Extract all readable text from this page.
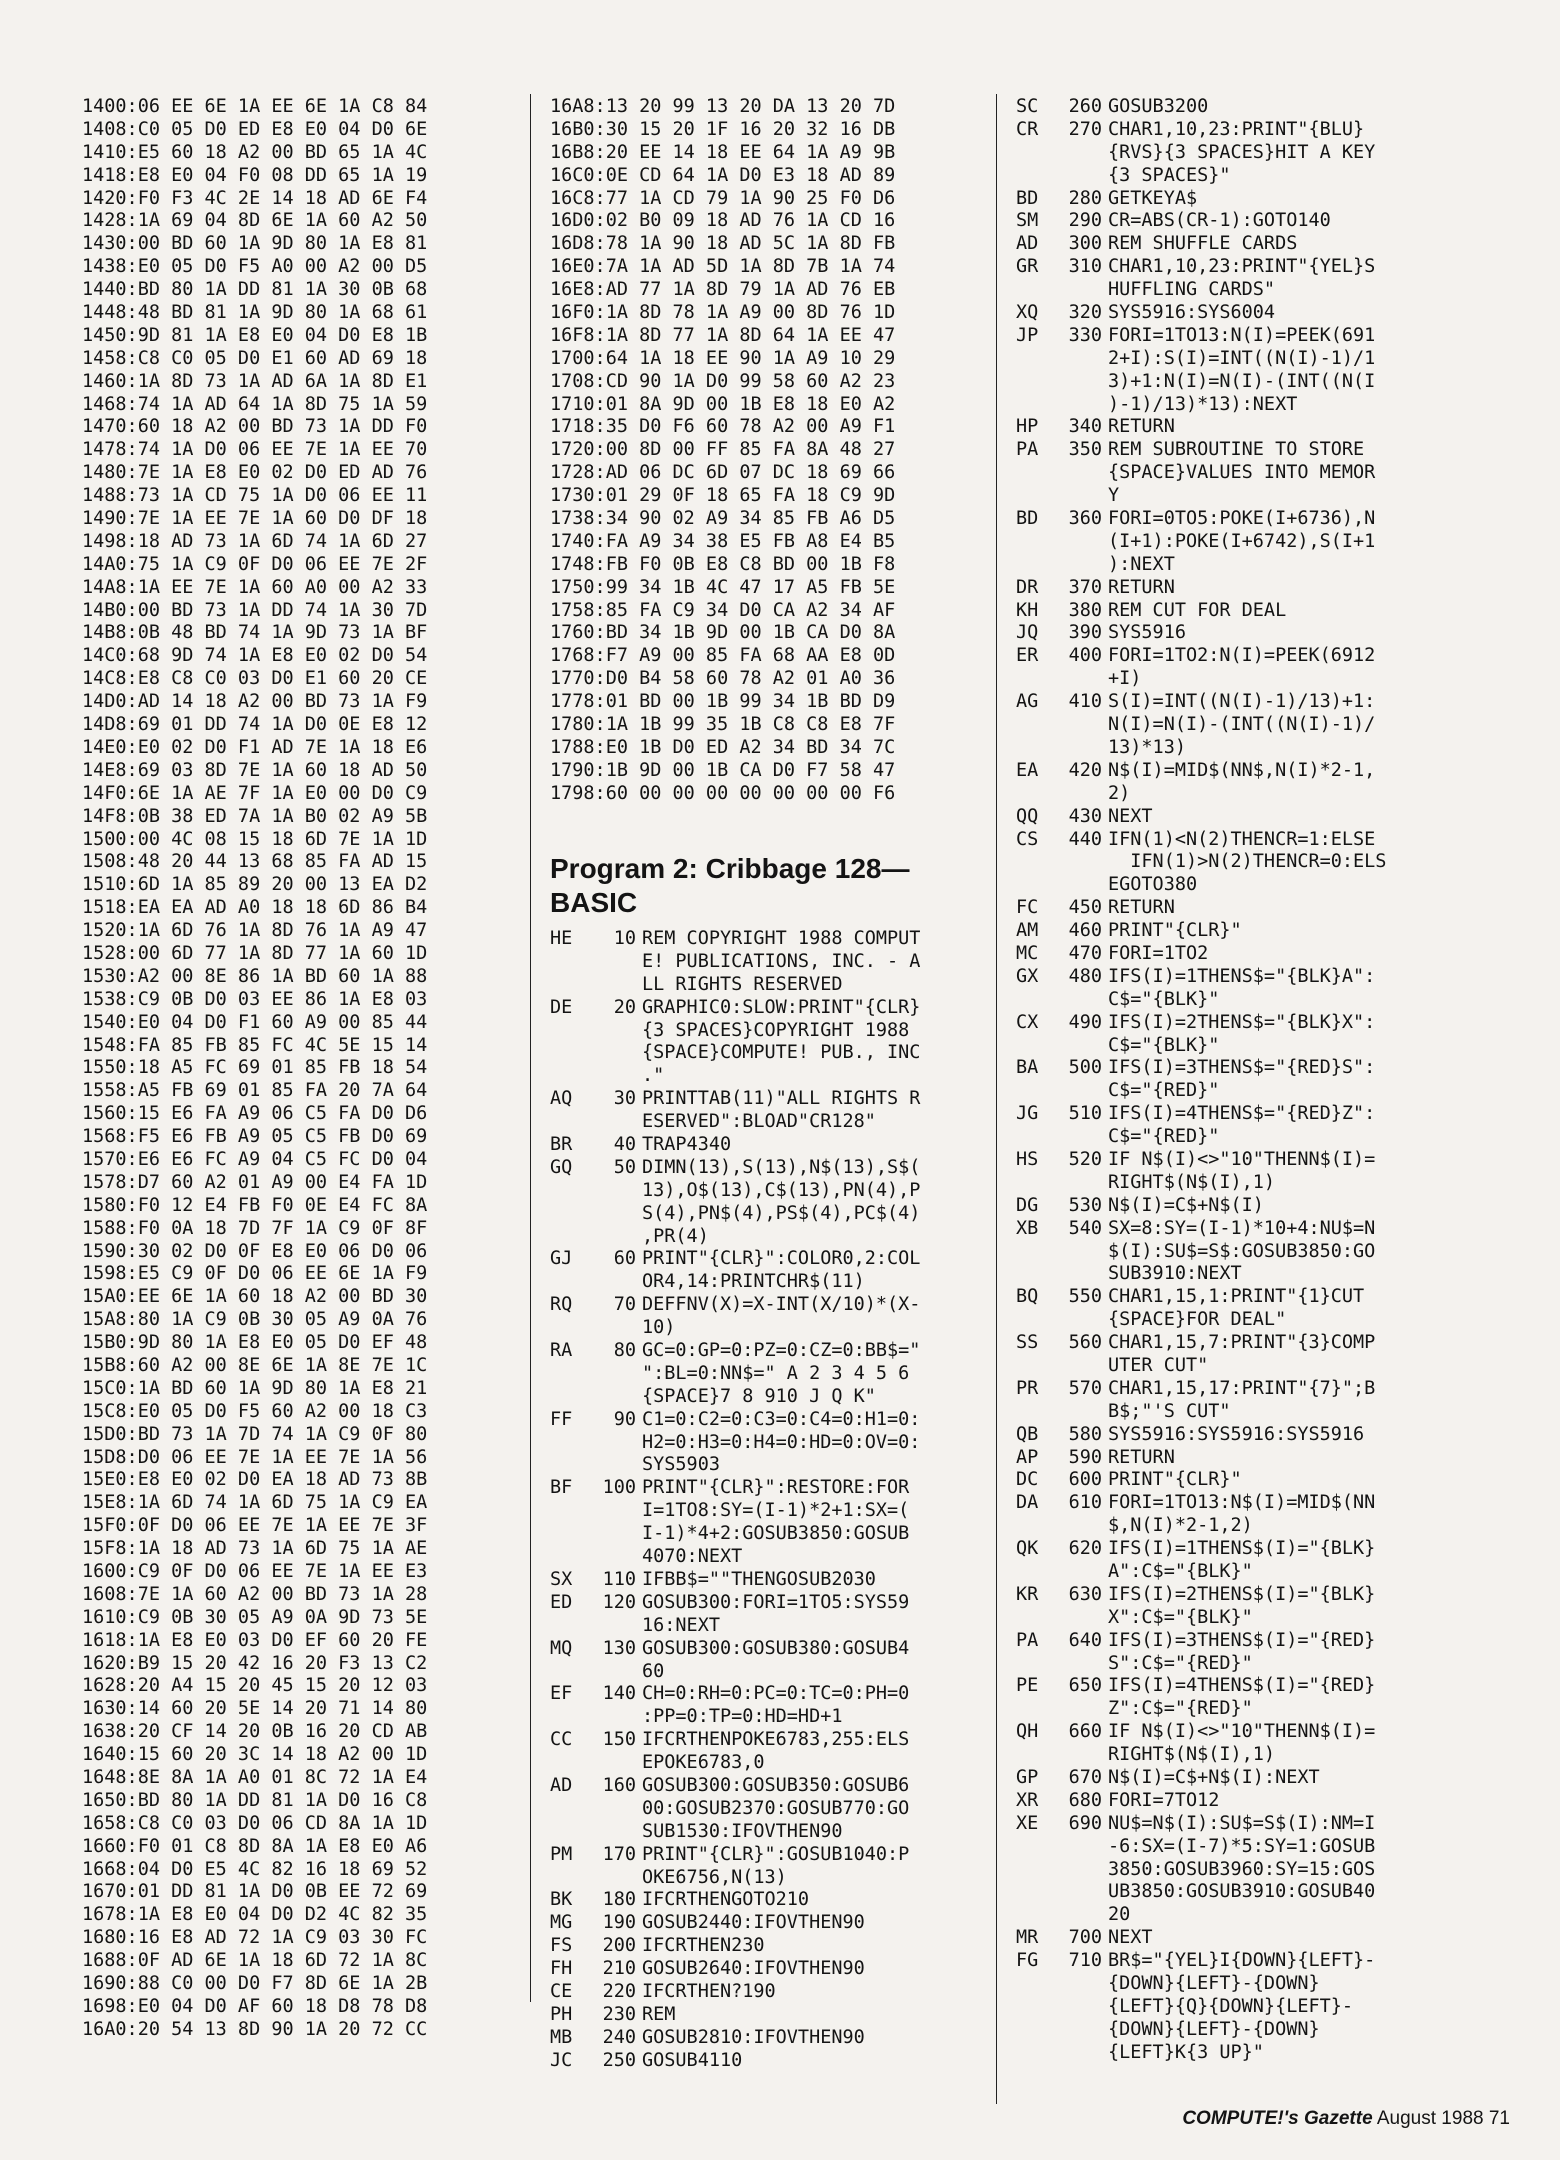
1400:06 EE 6E 1A EE 6E 1A C8 84
1408:C0 05 D0 ED E8 E0 04 D0 6E
1410:E5 60 18 A2 00 BD 65 1A 4C
1418:E8 E0 04 F0 08 DD 65 1A 19
1420:F0 F3 4C 2E 14 18 AD 6E F4
1428:1A 69 04 8D 6E 1A 60 A2 50
1430:00 BD 60 1A 9D 80 1A E8 81
1438:E0 05 D0 F5 A0 00 A2 00 D5
1440:BD 80 1A DD 81 1A 30 0B 68
1448:48 BD 81 1A 9D 80 1A 68 61
1450:9D 81 1A E8 E0 04 D0 E8 1B
1458:C8 C0 05 D0 E1 60 AD 69 18
1460:1A 8D 73 1A AD 6A 1A 8D E1
1468:74 1A AD 64 1A 8D 75 1A 59
1470:60 18 A2 00 BD 73 1A DD F0
1478:74 1A D0 06 EE 7E 1A EE 70
1480:7E 1A E8 E0 02 D0 ED AD 76
1488:73 1A CD 75 1A D0 06 EE 11
1490:7E 1A EE 7E 1A 60 D0 DF 18
1498:18 AD 73 1A 6D 74 1A 6D 27
14A0:75 1A C9 0F D0 06 EE 7E 2F
14A8:1A EE 7E 1A 60 A0 00 A2 33
14B0:00 BD 73 1A DD 74 1A 30 7D
14B8:0B 48 BD 74 1A 9D 73 1A BF
14C0:68 9D 74 1A E8 E0 02 D0 54
14C8:E8 C8 C0 03 D0 E1 60 20 CE
14D0:AD 14 18 A2 00 BD 73 1A F9
14D8:69 01 DD 74 1A D0 0E E8 12
14E0:E0 02 D0 F1 AD 7E 1A 18 E6
14E8:69 03 8D 7E 1A 60 18 AD 50
14F0:6E 1A AE 7F 1A E0 00 D0 C9
14F8:0B 38 ED 7A 1A B0 02 A9 5B
1500:00 4C 08 15 18 6D 7E 1A 1D
1508:48 20 44 13 68 85 FA AD 15
1510:6D 1A 85 89 20 00 13 EA D2
1518:EA EA AD A0 18 18 6D 86 B4
1520:1A 6D 76 1A 8D 76 1A A9 47
1528:00 6D 77 1A 8D 77 1A 60 1D
1530:A2 00 8E 86 1A BD 60 1A 88
1538:C9 0B D0 03 EE 86 1A E8 03
1540:E0 04 D0 F1 60 A9 00 85 44
1548:FA 85 FB 85 FC 4C 5E 15 14
1550:18 A5 FC 69 01 85 FB 18 54
1558:A5 FB 69 01 85 FA 20 7A 64
1560:15 E6 FA A9 06 C5 FA D0 D6
1568:F5 E6 FB A9 05 C5 FB D0 69
1570:E6 E6 FC A9 04 C5 FC D0 04
1578:D7 60 A2 01 A9 00 E4 FA 1D
1580:F0 12 E4 FB F0 0E E4 FC 8A
1588:F0 0A 18 7D 7F 1A C9 0F 8F
1590:30 02 D0 0F E8 E0 06 D0 06
1598:E5 C9 0F D0 06 EE 6E 1A F9
15A0:EE 6E 1A 60 18 A2 00 BD 30
15A8:80 1A C9 0B 30 05 A9 0A 76
15B0:9D 80 1A E8 E0 05 D0 EF 48
15B8:60 A2 00 8E 6E 1A 8E 7E 1C
15C0:1A BD 60 1A 9D 80 1A E8 21
15C8:E0 05 D0 F5 60 A2 00 18 C3
15D0:BD 73 1A 7D 74 1A C9 0F 80
15D8:D0 06 EE 7E 1A EE 7E 1A 56
15E0:E8 E0 02 D0 EA 18 AD 73 8B
15E8:1A 6D 74 1A 6D 75 1A C9 EA
15F0:0F D0 06 EE 7E 1A EE 7E 3F
15F8:1A 18 AD 73 1A 6D 75 1A AE
1600:C9 0F D0 06 EE 7E 1A EE E3
1608:7E 1A 60 A2 00 BD 73 1A 28
1610:C9 0B 30 05 A9 0A 9D 73 5E
1618:1A E8 E0 03 D0 EF 60 20 FE
1620:B9 15 20 42 16 20 F3 13 C2
1628:20 A4 15 20 45 15 20 12 03
1630:14 60 20 5E 14 20 71 14 80
1638:20 CF 14 20 0B 16 20 CD AB
1640:15 60 20 3C 14 18 A2 00 1D
1648:8E 8A 1A A0 01 8C 72 1A E4
1650:BD 80 1A DD 81 1A D0 16 C8
1658:C8 C0 03 D0 06 CD 8A 1A 1D
1660:F0 01 C8 8D 8A 1A E8 E0 A6
1668:04 D0 E5 4C 82 16 18 69 52
1670:01 DD 81 1A D0 0B EE 72 69
1678:1A E8 E0 04 D0 D2 4C 82 35
1680:16 E8 AD 72 1A C9 03 30 FC
1688:0F AD 6E 1A 18 6D 72 1A 8C
1690:88 C0 00 D0 F7 8D 6E 1A 2B
1698:E0 04 D0 AF 60 18 D8 78 D8
16A0:20 54 13 8D 90 1A 20 72 CC
16A8:13 20 99 13 20 DA 13 20 7D
16B0:30 15 20 1F 16 20 32 16 DB
16B8:20 EE 14 18 EE 64 1A A9 9B
16C0:0E CD 64 1A D0 E3 18 AD 89
16C8:77 1A CD 79 1A 90 25 F0 D6
16D0:02 B0 09 18 AD 76 1A CD 16
16D8:78 1A 90 18 AD 5C 1A 8D FB
16E0:7A 1A AD 5D 1A 8D 7B 1A 74
16E8:AD 77 1A 8D 79 1A AD 76 EB
16F0:1A 8D 78 1A A9 00 8D 76 1D
16F8:1A 8D 77 1A 8D 64 1A EE 47
1700:64 1A 18 EE 90 1A A9 10 29
1708:CD 90 1A D0 99 58 60 A2 23
1710:01 8A 9D 00 1B E8 18 E0 A2
1718:35 D0 F6 60 78 A2 00 A9 F1
1720:00 8D 00 FF 85 FA 8A 48 27
1728:AD 06 DC 6D 07 DC 18 69 66
1730:01 29 0F 18 65 FA 18 C9 9D
1738:34 90 02 A9 34 85 FB A6 D5
1740:FA A9 34 38 E5 FB A8 E4 B5
1748:FB F0 0B E8 C8 BD 00 1B F8
1750:99 34 1B 4C 47 17 A5 FB 5E
1758:85 FA C9 34 D0 CA A2 34 AF
1760:BD 34 1B 9D 00 1B CA D0 8A
1768:F7 A9 00 85 FA 68 AA E8 0D
1770:D0 B4 58 60 78 A2 01 A0 36
1778:01 BD 00 1B 99 34 1B BD D9
1780:1A 1B 99 35 1B C8 C8 E8 7F
1788:E0 1B D0 ED A2 34 BD 34 7C
1790:1B 9D 00 1B CA D0 F7 58 47
1798:60 00 00 00 00 00 00 00 F6
Program 2: Cribbage 128—
BASIC
HE	10 REM COPYRIGHT 1988 COMPUT
E! PUBLICATIONS, INC. - A
LL RIGHTS RESERVED
DE	20 GRAPHIC0:SLOW:PRINT"{CLR}
{3 SPACES}COPYRIGHT 1988
{SPACE}COMPUTE! PUB., INC
."
AQ	30 PRINTTAB(11)"ALL RIGHTS R
ESERVED":BLOAD"CR128"
BR	40 TRAP4340
GQ	50 DIMN(13),S(13),N$(13),S$(
13),O$(13),C$(13),PN(4),P
S(4),PN$(4),PS$(4),PC$(4)
,PR(4)
GJ	60 PRINT"{CLR}":COLOR0,2:COL
OR4,14:PRINTCHR$(11)
RQ	70 DEFFNV(X)=X-INT(X/10)*(X-
10)
RA	80 GC=0:GP=0:PZ=0:CZ=0:BB$="
":BL=0:NN$=" A 2 3 4 5 6
{SPACE}7 8 910 J Q K"
FF	90 C1=0:C2=0:C3=0:C4=0:H1=0:
H2=0:H3=0:H4=0:HD=0:OV=0:
SYS5903
BF	100 PRINT"{CLR}":RESTORE:FOR
I=1TO8:SY=(I-1)*2+1:SX=(
I-1)*4+2:GOSUB3850:GOSUB
4070:NEXT
SX	110 IFBB$=""THENGOSUB2030
ED	120 GOSUB300:FORI=1TO5:SYS59
16:NEXT
MQ	130 GOSUB300:GOSUB380:GOSUB4
60
EF	140 CH=0:RH=0:PC=0:TC=0:PH=0
:PP=0:TP=0:HD=HD+1
CC	150 IFCRTHENPOKE6783,255:ELS
EPOKE6783,0
AD	160 GOSUB300:GOSUB350:GOSUB6
00:GOSUB2370:GOSUB770:GO
SUB1530:IFOVTHEN90
PM	170 PRINT"{CLR}":GOSUB1040:P
OKE6756,N(13)
BK	180 IFCRTHENGOTO210
MG	190 GOSUB2440:IFOVTHEN90
FS	200 IFCRTHEN230
FH	210 GOSUB2640:IFOVTHEN90
CE	220 IFCRTHEN?190
PH	230 REM
MB	240 GOSUB2810:IFOVTHEN90
JC	250 GOSUB4110
SC	260 GOSUB3200
CR	270 CHAR1,10,23:PRINT"{BLU}
{RVS}{3 SPACES}HIT A KEY
{3 SPACES}"
BD	280 GETKEYA$
SM	290 CR=ABS(CR-1):GOTO140
AD	300 REM SHUFFLE CARDS
GR	310 CHAR1,10,23:PRINT"{YEL}S
HUFFLING CARDS"
XQ	320 SYS5916:SYS6004
JP	330 FORI=1TO13:N(I)=PEEK(691
2+I):S(I)=INT((N(I)-1)/1
3)+1:N(I)=N(I)-(INT((N(I
)-1)/13)*13):NEXT
HP	340 RETURN
PA	350 REM SUBROUTINE TO STORE
{SPACE}VALUES INTO MEMOR
Y
BD	360 FORI=0TO5:POKE(I+6736),N
(I+1):POKE(I+6742),S(I+1
):NEXT
DR	370 RETURN
KH	380 REM CUT FOR DEAL
JQ	390 SYS5916
ER	400 FORI=1TO2:N(I)=PEEK(6912
+I)
AG	410 S(I)=INT((N(I)-1)/13)+1:
N(I)=N(I)-(INT((N(I)-1)/
13)*13)
EA	420 N$(I)=MID$(NN$,N(I)*2-1,
2)
QQ	430 NEXT
CS	440 IFN(1)<N(2)THENCR=1:ELSE
IFN(1)>N(2)THENCR=0:ELS
EGOTO380
FC	450 RETURN
AM	460 PRINT"{CLR}"
MC	470 FORI=1TO2
GX	480 IFS(I)=1THENS$="{BLK}A":
C$="{BLK}"
CX	490 IFS(I)=2THENS$="{BLK}X":
C$="{BLK}"
BA	500 IFS(I)=3THENS$="{RED}S":
C$="{RED}"
JG	510 IFS(I)=4THENS$="{RED}Z":
C$="{RED}"
HS	520 IF N$(I)<>"10"THENN$(I)=
RIGHT$(N$(I),1)
DG	530 N$(I)=C$+N$(I)
XB	540 SX=8:SY=(I-1)*10+4:NU$=N
$(I):SU$=S$:GOSUB3850:GO
SUB3910:NEXT
BQ	550 CHAR1,15,1:PRINT"{1}CUT
{SPACE}FOR DEAL"
SS	560 CHAR1,15,7:PRINT"{3}COMP
UTER CUT"
PR	570 CHAR1,15,17:PRINT"{7}";B
B$;"'S CUT"
QB	580 SYS5916:SYS5916:SYS5916
AP	590 RETURN
DC	600 PRINT"{CLR}"
DA	610 FORI=1TO13:N$(I)=MID$(NN
$,N(I)*2-1,2)
QK	620 IFS(I)=1THENS$(I)="{BLK}
A":C$="{BLK}"
KR	630 IFS(I)=2THENS$(I)="{BLK}
X":C$="{BLK}"
PA	640 IFS(I)=3THENS$(I)="{RED}
S":C$="{RED}"
PE	650 IFS(I)=4THENS$(I)="{RED}
Z":C$="{RED}"
QH	660 IF N$(I)<>"10"THENN$(I)=
RIGHT$(N$(I),1)
GP	670 N$(I)=C$+N$(I):NEXT
XR	680 FORI=7TO12
XE	690 NU$=N$(I):SU$=S$(I):NM=I
-6:SX=(I-7)*5:SY=1:GOSUB
3850:GOSUB3960:SY=15:GOS
UB3850:GOSUB3910:GOSUB40
20
MR	700 NEXT
FG	710 BR$="{YEL}I{DOWN}{LEFT}-
{DOWN}{LEFT}-{DOWN}
{LEFT}{Q}{DOWN}{LEFT}-
{DOWN}{LEFT}-{DOWN}
{LEFT}K{3 UP}"
COMPUTE!'s Gazette August 1988 71
